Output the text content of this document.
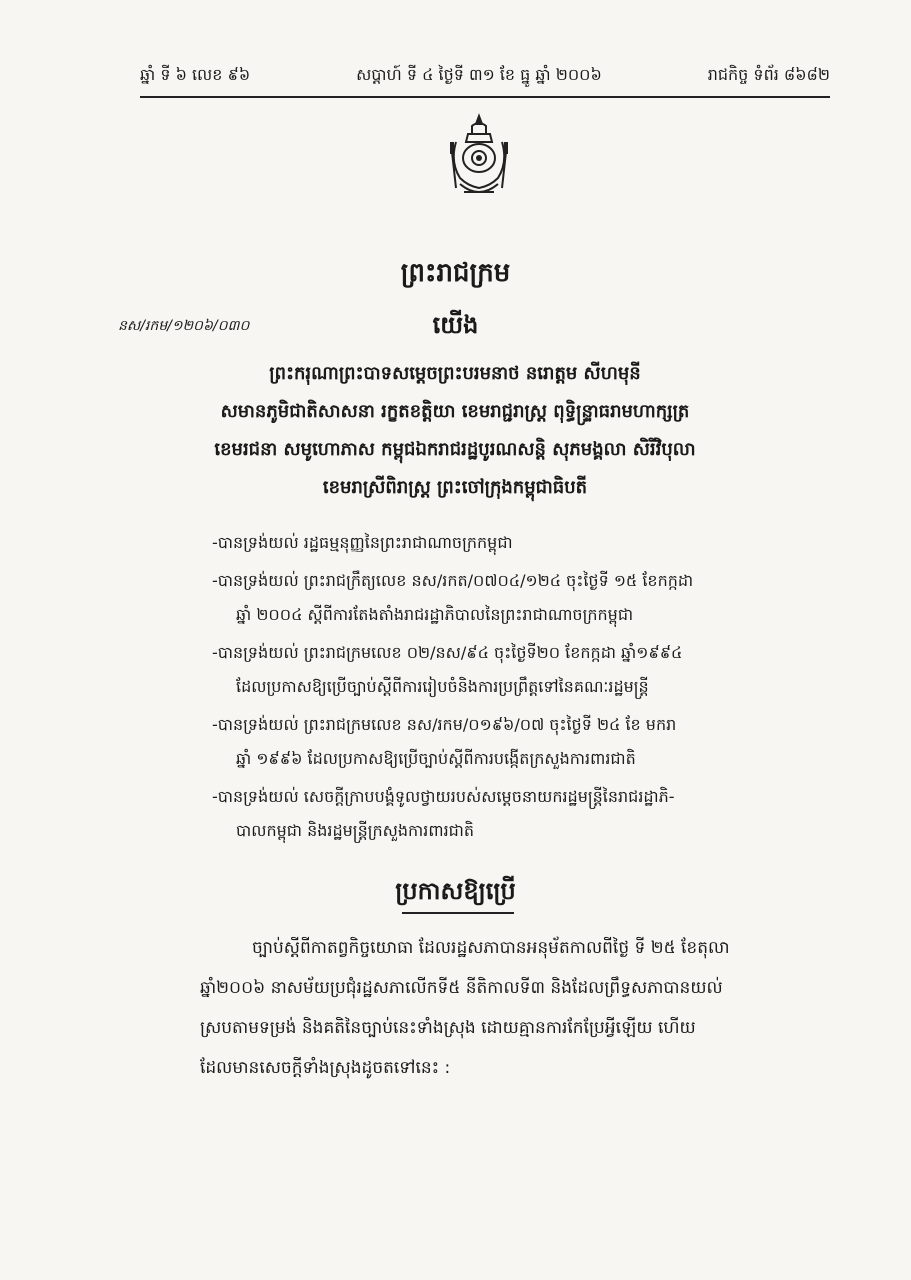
ឆ្នាំ ទី ៦ លេខ ៩៦	សប្ដាហ៍ ទី ៤ ថ្ងៃទី ៣១ ខែ ធ្នូ ឆ្នាំ ២០០៦	រាជកិច្ច ទំព័រ ៨៦៨២
ព្រះរាជក្រម
នស/រកម/១២០៦/០៣០	យើង
ព្រះករុណាព្រះបាទសម្តេចព្រះបរមនាថ នរោត្តម សីហមុនី
សមានភូមិជាតិសាសនា រក្ខតខត្តិយា ខេមរាជ្ជរាស្ត្រ ពុទ្ធិន្ទ្រាធរាមហាក្សត្រ
ខេមរជនា សមូហោភាស កម្ពុជឯករាជរដ្ឋបូរណសន្តិ សុភមង្គលា សិរីវិបុលា
ខេមរាស្រីពិរាស្ត្រ ព្រះចៅក្រុងកម្ពុជាធិបតី
-បានទ្រង់យល់ រដ្ឋធម្មនុញ្ញនៃព្រះរាជាណាចក្រកម្ពុជា
-បានទ្រង់យល់ ព្រះរាជក្រឹត្យលេខ នស/រកត/០៧០៤/១២៤ ចុះថ្ងៃទី ១៥ ខែកក្កដា
ឆ្នាំ ២០០៤ ស្តីពីការតែងតាំងរាជរដ្ឋាភិបាលនៃព្រះរាជាណាចក្រកម្ពុជា
-បានទ្រង់យល់ ព្រះរាជក្រមលេខ ០២/នស/៩៤ ចុះថ្ងៃទី២០ ខែកក្កដា ឆ្នាំ១៩៩៤
ដែលប្រកាសឱ្យប្រើច្បាប់ស្តីពីការរៀបចំនិងការប្រព្រឹត្តទៅនៃគណៈរដ្ឋមន្ត្រី
-បានទ្រង់យល់ ព្រះរាជក្រមលេខ នស/រកម/០១៩៦/០៧ ចុះថ្ងៃទី ២៤ ខែ មករា
ឆ្នាំ ១៩៩៦ ដែលប្រកាសឱ្យប្រើច្បាប់ស្តីពីការបង្កើតក្រសួងការពារជាតិ
-បានទ្រង់យល់ សេចក្តីក្រាបបង្គំទូលថ្វាយរបស់សម្តេចនាយករដ្ឋមន្ត្រីនៃរាជរដ្ឋាភិ-
បាលកម្ពុជា និងរដ្ឋមន្ត្រីក្រសួងការពារជាតិ
ប្រកាសឱ្យប្រើ
ច្បាប់ស្តីពីកាតព្វកិច្ចយោធា ដែលរដ្ឋសភាបានអនុម័តកាលពីថ្ងៃ ទី ២៥ ខែតុលា
ឆ្នាំ២០០៦ នាសម័យប្រជុំរដ្ឋសភាលើកទី៥ នីតិកាលទី៣ និងដែលព្រឹទ្ធសភាបានយល់
ស្របតាមទម្រង់ និងគតិនៃច្បាប់នេះទាំងស្រុង ដោយគ្មានការកែប្រែអ្វីឡើយ ហើយ
ដែលមានសេចក្តីទាំងស្រុងដូចតទៅនេះ :
